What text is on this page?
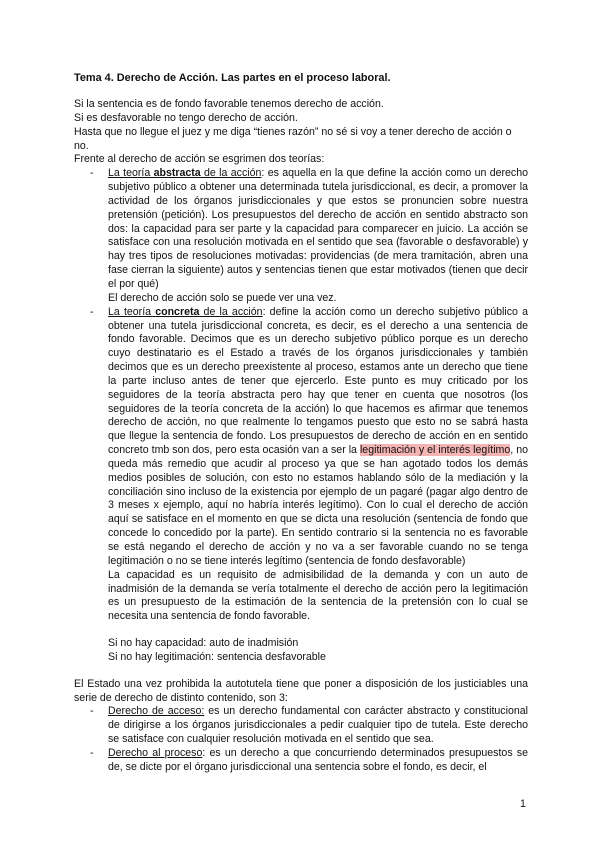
Tema 4. Derecho de Acción. Las partes en el proceso laboral.

Si la sentencia es de fondo favorable tenemos derecho de acción.

Si es desfavorable no tengo derecho de acción.

Hasta que no llegue el juez y me diga “tienes razón” no sé si voy a tener derecho de acción o no.

Frente al derecho de acción se esgrimen dos teorías:

- La teoría abstracta de la acción: es aquella en la que define la acción como un derecho subjetivo público a obtener una determinada tutela jurisdiccional, es decir, a promover la actividad de los órganos jurisdiccionales y que estos se pronuncien sobre nuestra pretensión (petición). Los presupuestos del derecho de acción en sentido abstracto son dos: la capacidad para ser parte y la capacidad para comparecer en juicio. La acción se satisface con una resolución motivada en el sentido que sea (favorable o desfavorable) y hay tres tipos de resoluciones motivadas: providencias (de mera tramitación, abren una fase cierran la siguiente) autos y sentencias tienen que estar motivados (tienen que decir el por qué)

El derecho de acción solo se puede ver una vez.

- La teoría concreta de la acción: define la acción como un derecho subjetivo público a obtener una tutela jurisdiccional concreta, es decir, es el derecho a una sentencia de fondo favorable. Decimos que es un derecho subjetivo público porque es un derecho cuyo destinatario es el Estado a través de los órganos jurisdiccionales y también decimos que es un derecho preexistente al proceso, estamos ante un derecho que tiene la parte incluso antes de tener que ejercerlo. Este punto es muy criticado por los seguidores de la teoría abstracta pero hay que tener en cuenta que nosotros (los seguidores de la teoría concreta de la acción) lo que hacemos es afirmar que tenemos derecho de acción, no que realmente lo tengamos puesto que esto no se sabrá hasta que llegue la sentencia de fondo. Los presupuestos de derecho de acción en en sentido concreto tmb son dos, pero esta ocasión van a ser la legitimación y el interés legítimo, no queda más remedio que acudir al proceso ya que se han agotado todos los demás medios posibles de solución, con esto no estamos hablando sólo de la mediación y la conciliación sino incluso de la existencia por ejemplo de un pagaré (pagar algo dentro de 3 meses x ejemplo, aquí no habría interés legítimo). Con lo cual el derecho de acción aquí se satisface en el momento en que se dicta una resolución (sentencia de fondo que concede lo concedido por la parte). En sentido contrario si la sentencia no es favorable se está negando el derecho de acción y no va a ser favorable cuando no se tenga legitimación o no se tiene interés legítimo (sentencia de fondo desfavorable)

La capacidad es un requisito de admisibilidad de la demanda y con un auto de inadmisión de la demanda se vería totalmente el derecho de acción pero la legitimación es un presupuesto de la estimación de la sentencia de la pretensión con lo cual se necesita una sentencia de fondo favorable.

Si no hay capacidad: auto de inadmisión

Si no hay legitimación: sentencia desfavorable

El Estado una vez prohibida la autotutela tiene que poner a disposición de los justiciables una serie de derecho de distinto contenido, son 3:

- Derecho de acceso: es un derecho fundamental con carácter abstracto y constitucional de dirigirse a los órganos jurisdiccionales a pedir cualquier tipo de tutela. Este derecho se satisface con cualquier resolución motivada en el sentido que sea.
- Derecho al proceso: es un derecho a que concurriendo determinados presupuestos se de, se dicte por el órgano jurisdiccional una sentencia sobre el fondo, es decir, el
1
